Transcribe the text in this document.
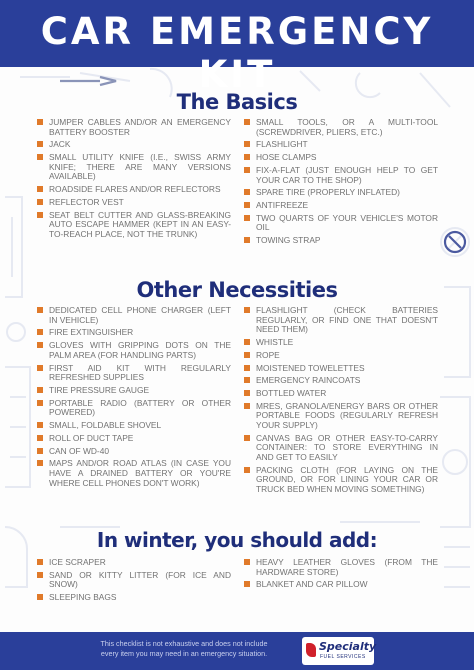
CAR EMERGENCY KIT
The Basics
JUMPER CABLES AND/OR AN EMERGENCY BATTERY BOOSTER
JACK
SMALL UTILITY KNIFE (I.E., SWISS ARMY KNIFE; THERE ARE MANY VERSIONS AVAILABLE)
ROADSIDE FLARES AND/OR REFLECTORS
REFLECTOR VEST
SEAT BELT CUTTER AND GLASS-BREAKING AUTO ESCAPE HAMMER (KEPT IN AN EASY-TO-REACH PLACE, NOT THE TRUNK)
SMALL TOOLS, OR A MULTI-TOOL (SCREWDRIVER, PLIERS, ETC.)
FLASHLIGHT
HOSE CLAMPS
FIX-A-FLAT (JUST ENOUGH HELP TO GET YOUR CAR TO THE SHOP)
SPARE TIRE (PROPERLY INFLATED)
ANTIFREEZE
TWO QUARTS OF YOUR VEHICLE'S MOTOR OIL
TOWING STRAP
Other Necessities
DEDICATED CELL PHONE CHARGER (LEFT IN VEHICLE)
FIRE EXTINGUISHER
GLOVES WITH GRIPPING DOTS ON THE PALM AREA (FOR HANDLING PARTS)
FIRST AID KIT WITH REGULARLY REFRESHED SUPPLIES
TIRE PRESSURE GAUGE
PORTABLE RADIO (BATTERY OR OTHER POWERED)
SMALL, FOLDABLE SHOVEL
ROLL OF DUCT TAPE
CAN OF WD-40
MAPS AND/OR ROAD ATLAS (IN CASE YOU HAVE A DRAINED BATTERY OR YOU'RE WHERE CELL PHONES DON'T WORK)
FLASHLIGHT (CHECK BATTERIES REGULARLY, OR FIND ONE THAT DOESN'T NEED THEM)
WHISTLE
ROPE
MOISTENED TOWELETTES
EMERGENCY RAINCOATS
BOTTLED WATER
MRES, GRANOLA/ENERGY BARS OR OTHER PORTABLE FOODS (REGULARLY REFRESH YOUR SUPPLY)
CANVAS BAG OR OTHER EASY-TO-CARRY CONTAINER: TO STORE EVERYTHING IN AND GET TO EASILY
PACKING CLOTH (FOR LAYING ON THE GROUND, OR FOR LINING YOUR CAR OR TRUCK BED WHEN MOVING SOMETHING)
In winter, you should add:
ICE SCRAPER
SAND OR KITTY LITTER (FOR ICE AND SNOW)
SLEEPING BAGS
HEAVY LEATHER GLOVES (FROM THE HARDWARE STORE)
BLANKET AND CAR PILLOW
This checklist is not exhaustive and does not include every item you may need in an emergency situation.	Specialty
FUEL SERVICES
